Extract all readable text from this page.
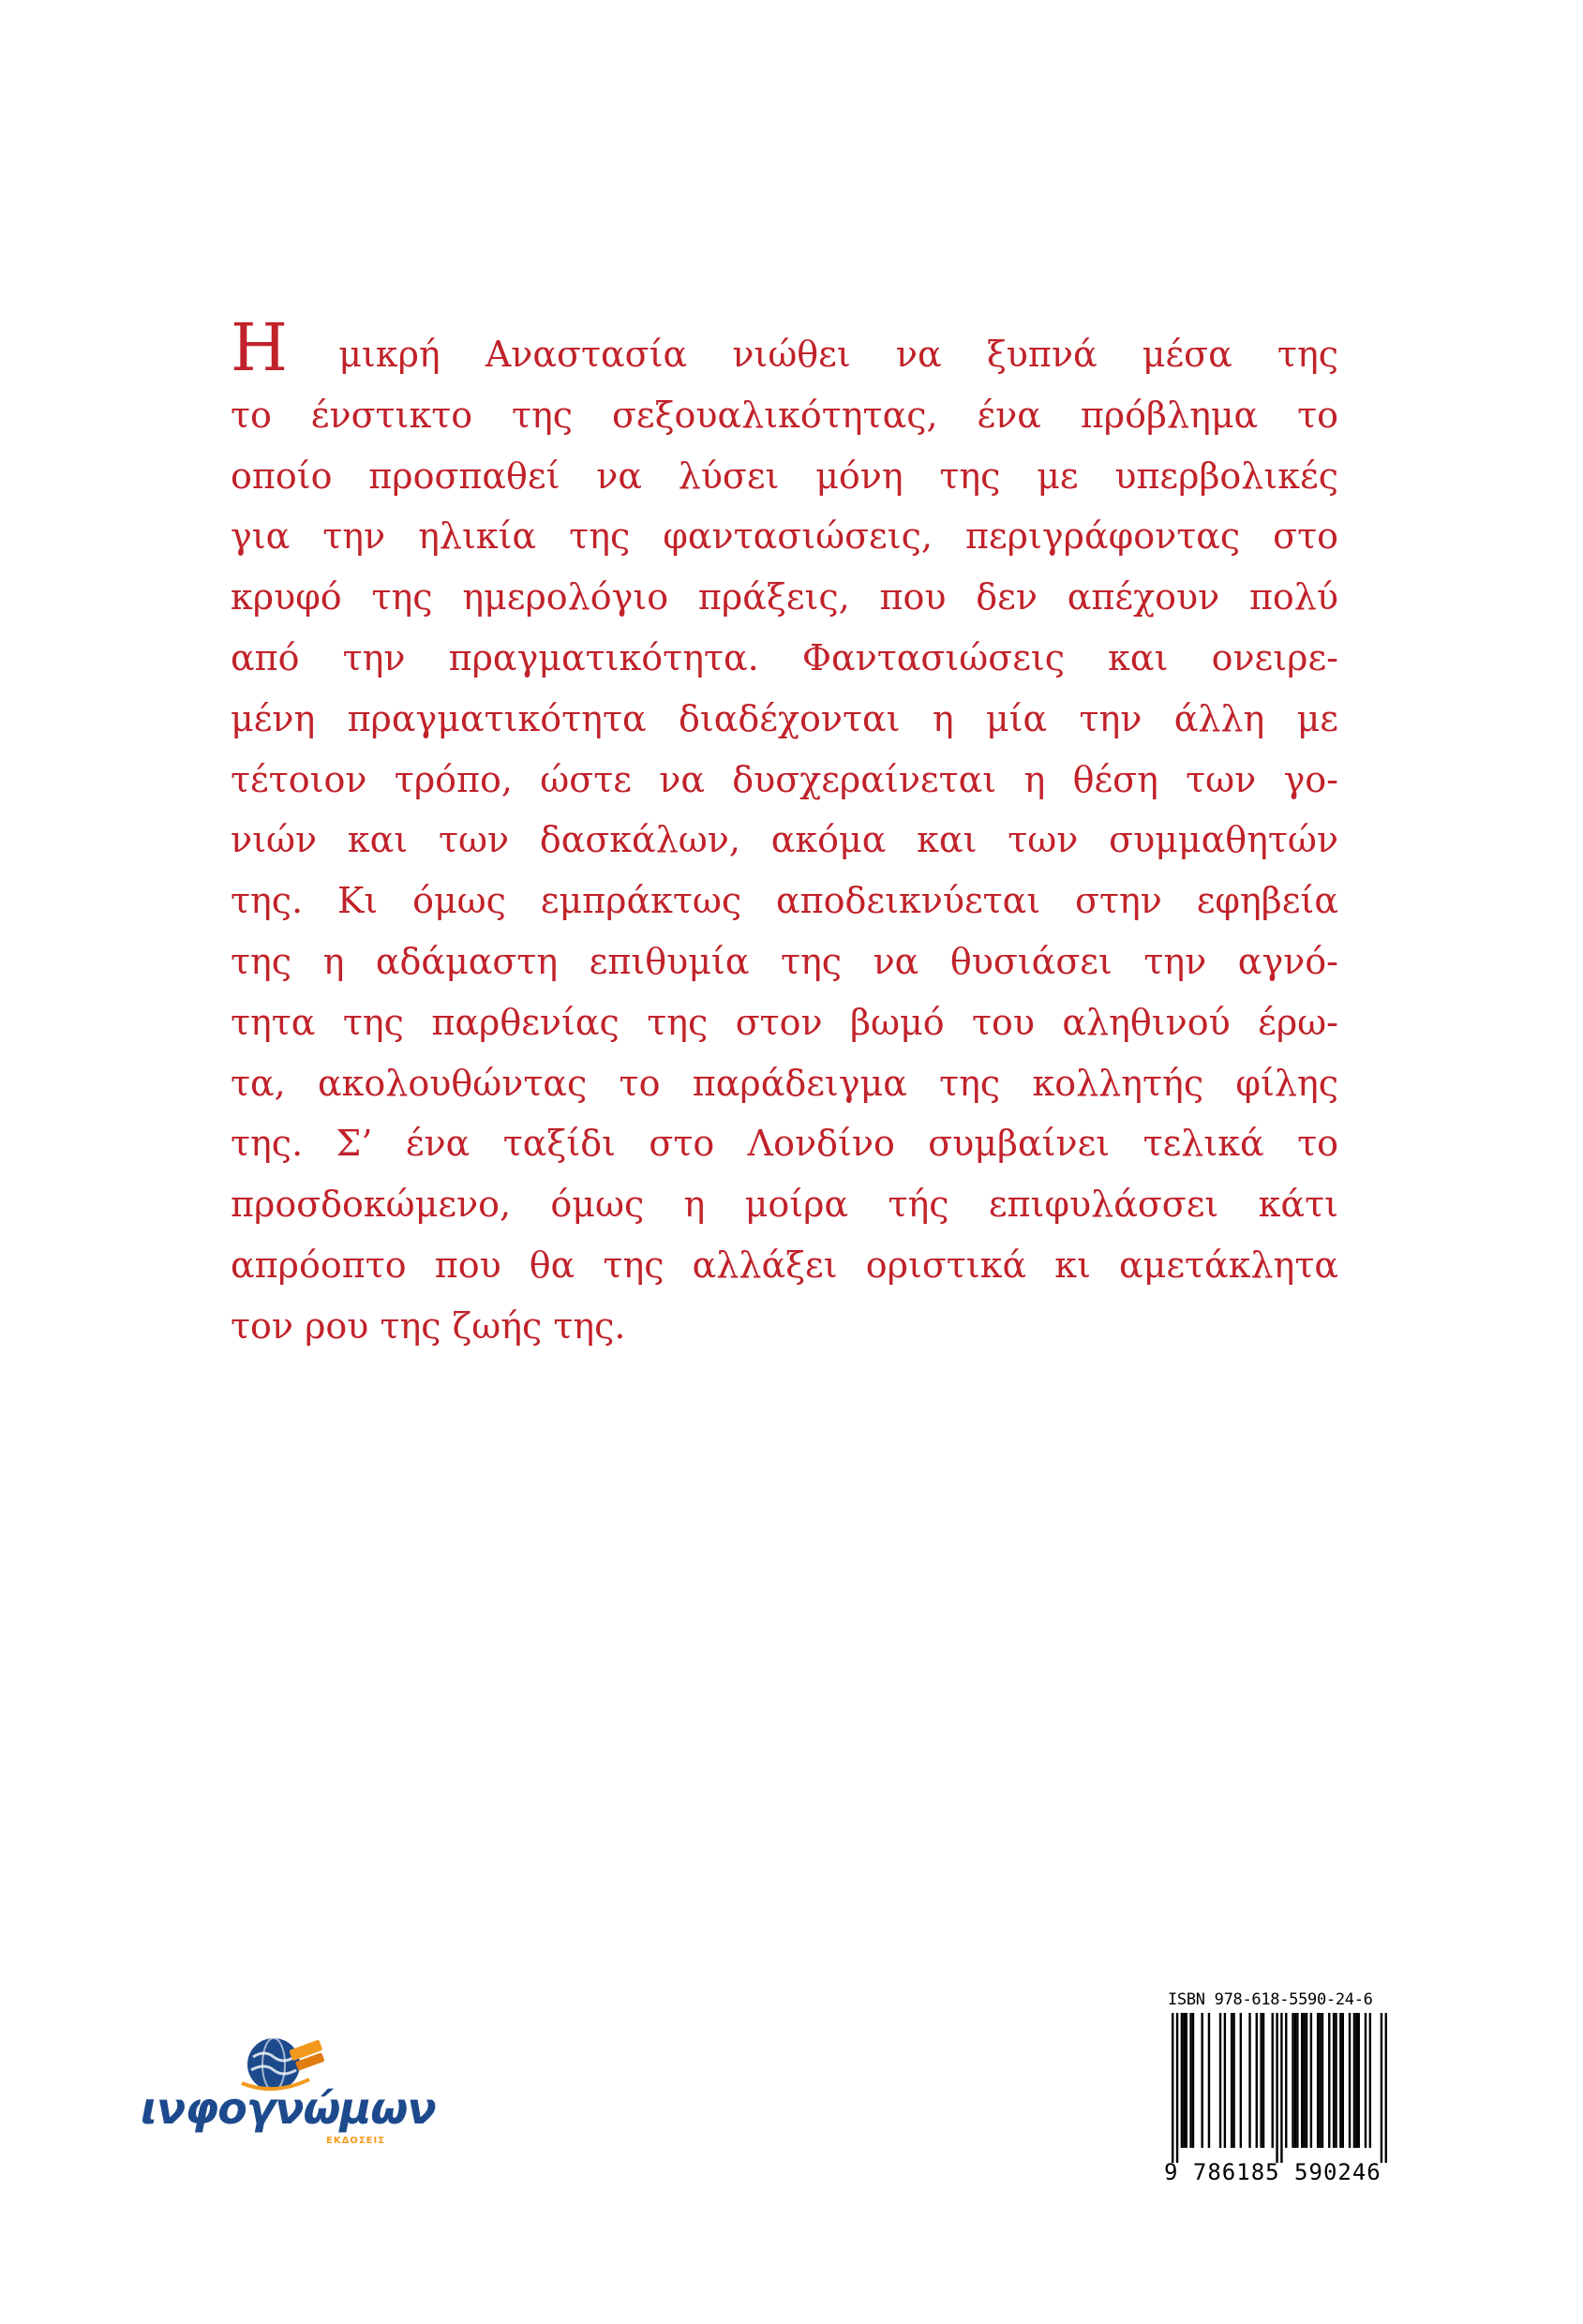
Η μικρή Αναστασία νιώθει να ξυπνά μέσα της
το ένστικτο της σεξουαλικότητας, ένα πρόβλημα το
οποίο προσπαθεί να λύσει μόνη της με υπερβολικές
για την ηλικία της φαντασιώσεις, περιγράφοντας στο
κρυφό της ημερολόγιο πράξεις, που δεν απέχουν πολύ
από την πραγματικότητα. Φαντασιώσεις και ονειρε-
μένη πραγματικότητα διαδέχονται η μία την άλλη με
τέτοιον τρόπο, ώστε να δυσχεραίνεται η θέση των γο-
νιών και των δασκάλων, ακόμα και των συμμαθητών
της. Κι όμως εμπράκτως αποδεικνύεται στην εφηβεία
της η αδάμαστη επιθυμία της να θυσιάσει την αγνό-
τητα της παρθενίας της στον βωμό του αληθινού έρω-
τα, ακολουθώντας το παράδειγμα της κολλητής φίλης
της. Σ’ ένα ταξίδι στο Λονδίνο συμβαίνει τελικά το
προσδοκώμενο, όμως η μοίρα τής επιφυλάσσει κάτι
απρόοπτο που θα της αλλάξει οριστικά κι αμετάκλητα
τον ρου της ζωής της.
ινφογνώμων
ΕΚΔΟΣΕΙΣ
ISBN 978-618-5590-24-6
9 786185 590246
